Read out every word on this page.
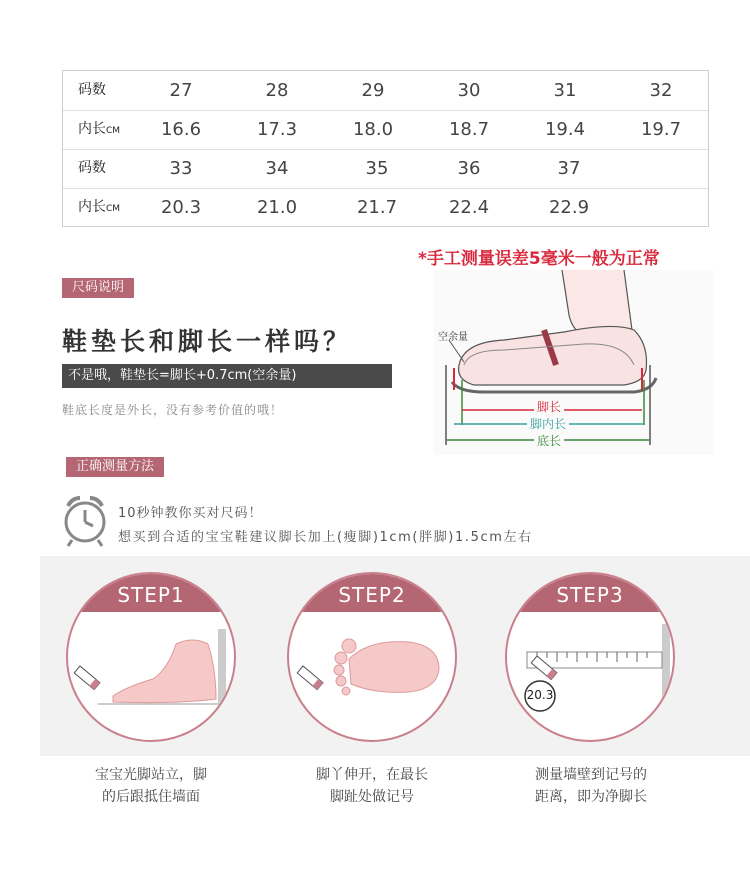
码数	27	28	29	30	31	32
内长CM	16.6	17.3	18.0	18.7	19.4	19.7
码数	33	34	35	36	37
内长CM	20.3	21.0	21.7	22.4	22.9
*手工测量误差5毫米一般为正常
尺码说明
鞋垫长和脚长一样吗？
不是哦，鞋垫长=脚长+0.7cm(空余量)
鞋底长度是外长，没有参考价值的哦！
空余量
脚长
脚内长
底长
正确测量方法
10秒钟教你买对尺码！
想买到合适的宝宝鞋建议脚长加上(瘦脚)1cm(胖脚)1.5cm左右
STEP1
宝宝光脚站立，脚
的后跟抵住墙面
STEP2
脚丫伸开，在最长
脚趾处做记号
STEP3
20.3
测量墙壁到记号的
距离，即为净脚长
